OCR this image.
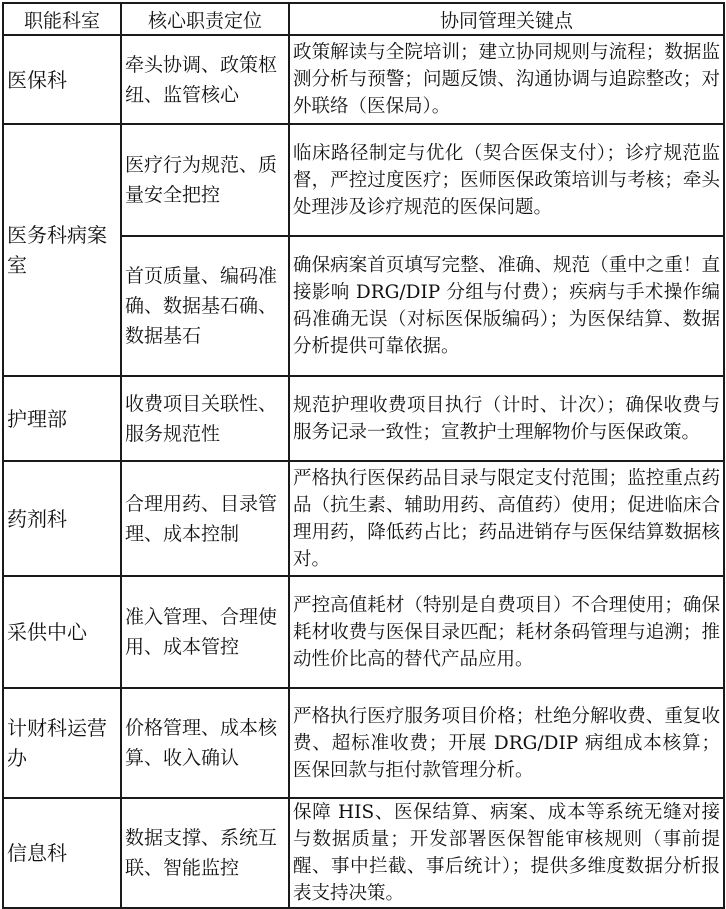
职能科室	核心职责定位	协同管理关键点
医保科	牵头协调、政策枢纽、监管核心	政策解读与全院培训；建立协同规则与流程；数据监测分析与预警；问题反馈、沟通协调与追踪整改；对外联络（医保局）。
医务科病案室	医疗行为规范、质量安全把控	临床路径制定与优化（契合医保支付）；诊疗规范监督，严控过度医疗；医师医保政策培训与考核；牵头处理涉及诊疗规范的医保问题。
	首页质量、编码准确、数据基石确、数据基石	确保病案首页填写完整、准确、规范（重中之重！直接影响 DRG/DIP 分组与付费）；疾病与手术操作编码准确无误（对标医保版编码）；为医保结算、数据分析提供可靠依据。
护理部	收费项目关联性、服务规范性	规范护理收费项目执行（计时、计次）；确保收费与服务记录一致性；宣教护士理解物价与医保政策。
药剂科	合理用药、目录管理、成本控制	严格执行医保药品目录与限定支付范围；监控重点药品（抗生素、辅助用药、高值药）使用；促进临床合理用药，降低药占比；药品进销存与医保结算数据核对。
采供中心	准入管理、合理使用、成本管控	严控高值耗材（特别是自费项目）不合理使用；确保耗材收费与医保目录匹配；耗材条码管理与追溯；推动性价比高的替代产品应用。
计财科运营办	价格管理、成本核算、收入确认	严格执行医疗服务项目价格；杜绝分解收费、重复收费、超标准收费；开展 DRG/DIP 病组成本核算；医保回款与拒付款管理分析。
信息科	数据支撑、系统互联、智能监控	保障 HIS、医保结算、病案、成本等系统无缝对接与数据质量；开发部署医保智能审核规则（事前提醒、事中拦截、事后统计）；提供多维度数据分析报表支持决策。
